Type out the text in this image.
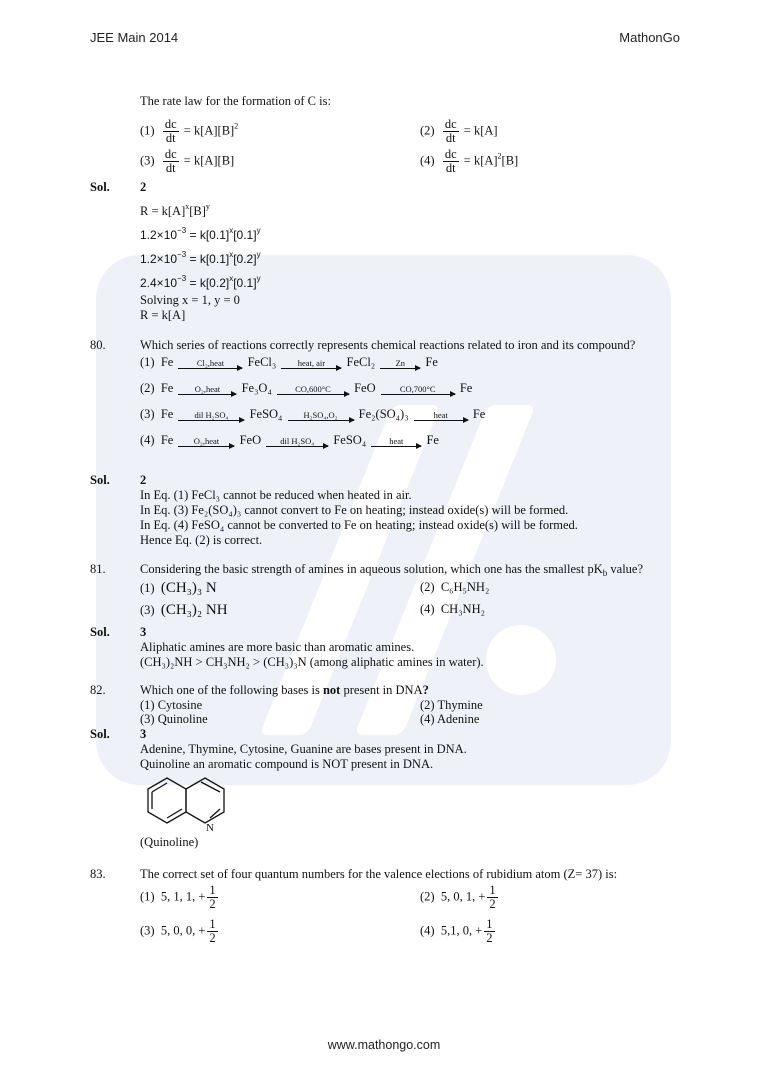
JEE Main 2014	MathonGo
The rate law for the formation of C is:
$(1) \frac{dc}{dt} = k[A][B]^2$	$(2) \frac{dc}{dt} = k[A]$
$(3) \frac{dc}{dt} = k[A][B]$	$(4) \frac{dc}{dt} = k[A]^2[B]$
Sol. 2
$R = k[A]^x[B]^y$
$1.2\times 10^{-3} = k[0.1]^x[0.1]^y$
$1.2\times 10^{-3} = k[0.1]^x[0.2]^y$
$2.4\times 10^{-3} = k[0.2]^x[0.1]^y$
Solving x = 1, y = 0
R = k[A]
80.	Which series of reactions correctly represents chemical reactions related to iron and its compound?
(1) Fe	Cl₂,heat	FeCl₃	heat, air	FeCl₂	Zn	Fe
(2) Fe	O₂,heat	Fe₃O₄	CO,600°C	FeO	CO,700°C	Fe
(3) Fe	dil H₂SO₄	FeSO₄	H₂SO₄,O₂	Fe₂(SO₄)₃	heat	Fe
(4) Fe	O₂,heat	FeO	dil H₂SO₄	FeSO₄	heat	Fe
Sol. 2
In Eq. (1) FeCl₃ cannot be reduced when heated in air.
In Eq. (3) Fe₂(SO₄)₃ cannot convert to Fe on heating; instead oxide(s) will be formed.
In Eq. (4) FeSO₄ cannot be converted to Fe on heating; instead oxide(s) will be formed.
Hence Eq. (2) is correct.
81.	Considering the basic strength of amines in aqueous solution, which one has the smallest $pK_b$ value?
(1) (CH₃)₃ N	(2) C₆H₅NH₂
(3) (CH₃)₂ NH	(4) CH₃NH₂
Sol. 3
Aliphatic amines are more basic than aromatic amines.
(CH₃)₂NH > CH₃NH₂ > (CH₃)₃N (among aliphatic amines in water).
82.	Which one of the following bases is not present in DNA?
(1) Cytosine	(2) Thymine
(3) Quinoline	(4) Adenine
Sol. 3
Adenine, Thymine, Cytosine, Guanine are bases present in DNA.
Quinoline an aromatic compound is NOT present in DNA.
N
(Quinoline)
83.	The correct set of four quantum numbers for the valence elections of rubidium atom (Z= 37) is:
(1) 5, 1, 1, + $\frac{1}{2}$	(2) 5, 0, 1, + $\frac{1}{2}$
(3) 5, 0, 0, + $\frac{1}{2}$	(4) 5,1, 0, + $\frac{1}{2}$
www.mathongo.com
